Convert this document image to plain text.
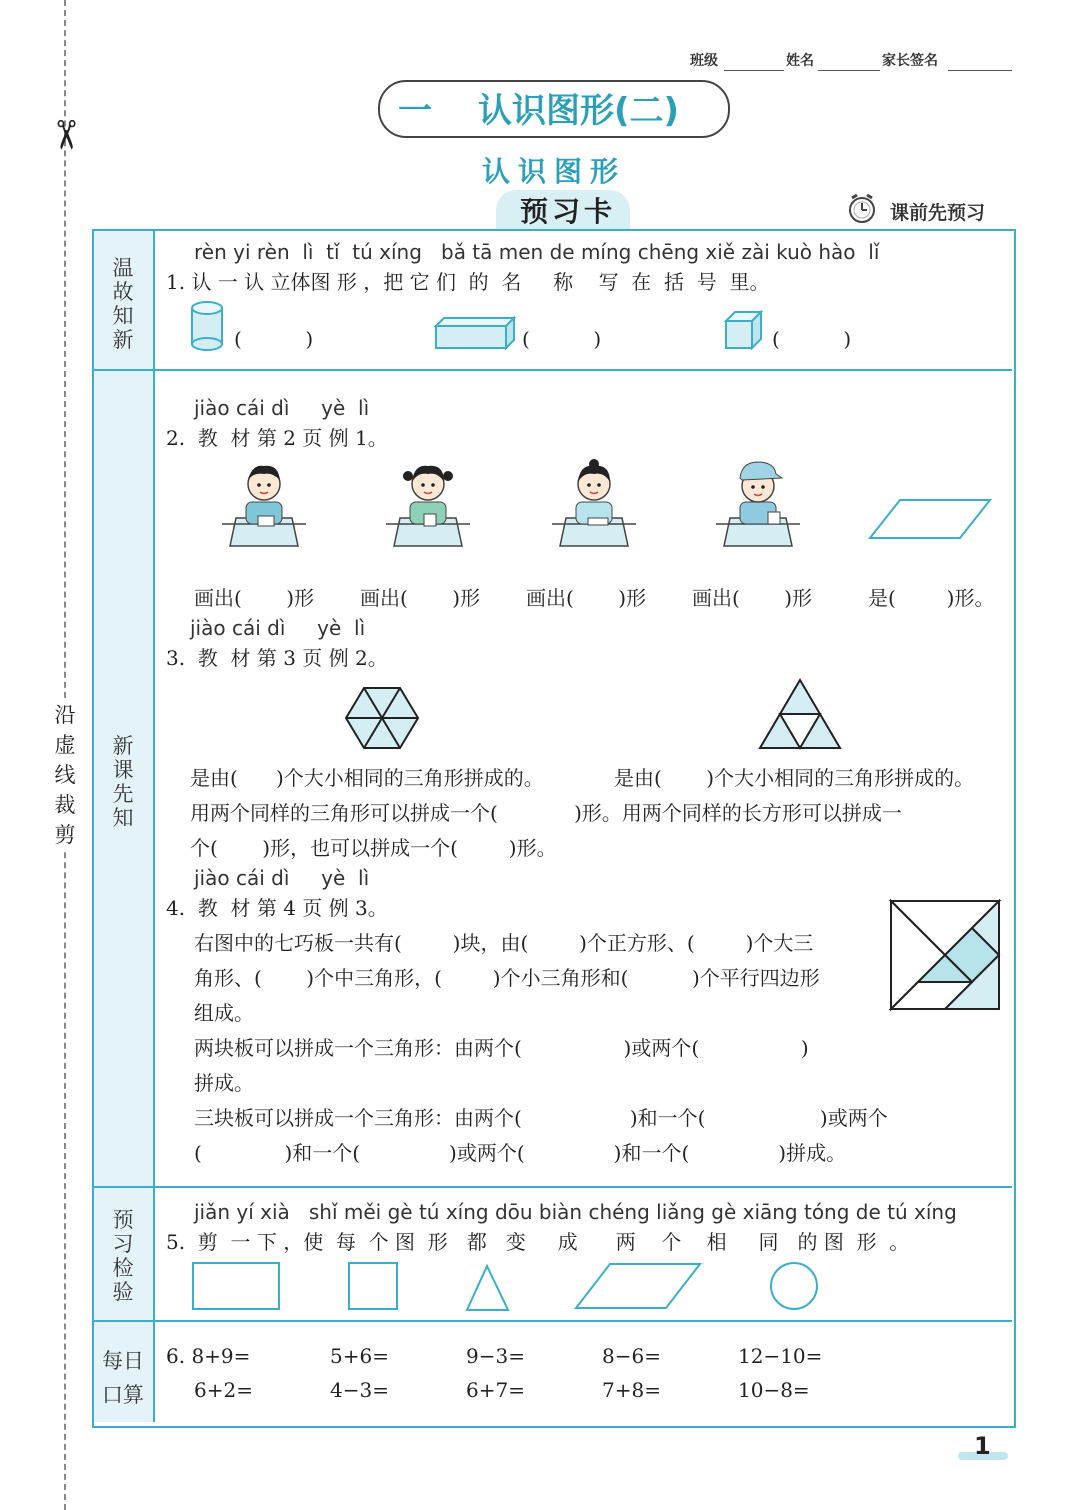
✂
沿虚线裁剪
班级	姓名	家长签名
一 认识图形(二)
认识图形
预习卡	课前先预习
温故知新
新课先知
预习检验
每日口算
rèn yi rèn  lì  tǐ  tú xíng   bǎ tā men de míng chēng xiě zài kuò hào  lǐ
1. 认 一 认 立体图 形 ，把 它 们  的  名     称    写  在  括  号  里。
(          )	(          )	(          )
jiào cái dì     yè  lì
2.  教  材 第 2 页 例 1。
画出(       )形 画出(       )形 画出(       )形 画出(       )形	是(        )形。
jiào cái dì     yè  lì
3.  教  材 第 3 页 例 2。
是由(      )个大小相同的三角形拼成的。	是由(       )个大小相同的三角形拼成的。
用两个同样的三角形可以拼成一个(            )形。用两个同样的长方形可以拼成一
个(       )形，也可以拼成一个(        )形。
jiào cái dì     yè  lì
4.  教  材 第 4 页 例 3。
右图中的七巧板一共有(        )块，由(        )个正方形、(        )个大三
角形、(       )个中三角形，(        )个小三角形和(          )个平行四边形
组成。
两块板可以拼成一个三角形：由两个(                )或两个(                )
拼成。
三块板可以拼成一个三角形：由两个(                 )和一个(                  )或两个
(             )和一个(              )或两个(              )和一个(              )拼成。
jiǎn yí xià   shǐ měi gè tú xíng dōu biàn chéng liǎng gè xiāng tóng de tú xíng
5.  剪  一 下 ，使  每  个 图  形   都   变     成      两    个    相     同   的 图  形  。
6. 8+9=	5+6=	9−3=	8−6=	12−10=
6+2=	4−3=	6+7=	7+8=	10−8=
1
